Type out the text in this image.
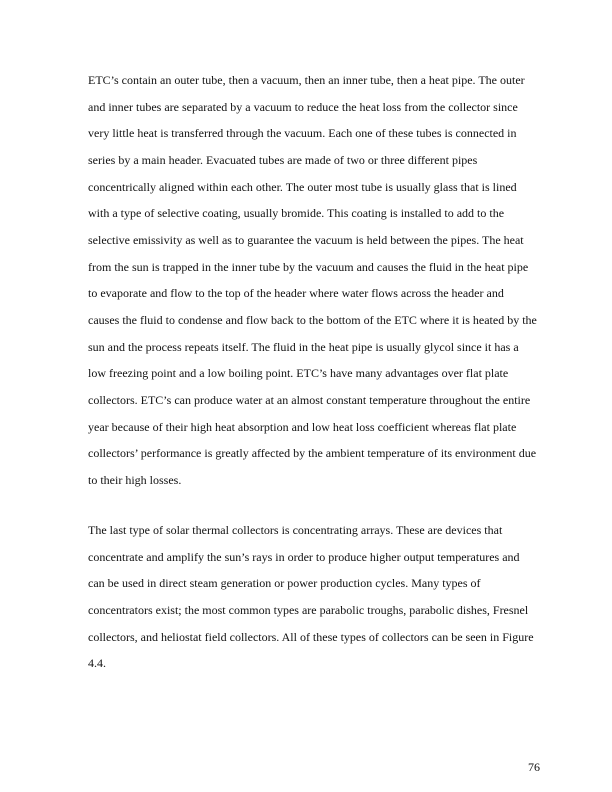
ETC’s contain an outer tube, then a vacuum, then an inner tube, then a heat pipe. The outer
and inner tubes are separated by a vacuum to reduce the heat loss from the collector since
very little heat is transferred through the vacuum. Each one of these tubes is connected in
series by a main header. Evacuated tubes are made of two or three different pipes
concentrically aligned within each other. The outer most tube is usually glass that is lined
with a type of selective coating, usually bromide. This coating is installed to add to the
selective emissivity as well as to guarantee the vacuum is held between the pipes. The heat
from the sun is trapped in the inner tube by the vacuum and causes the fluid in the heat pipe
to evaporate and flow to the top of the header where water flows across the header and
causes the fluid to condense and flow back to the bottom of the ETC where it is heated by the
sun and the process repeats itself. The fluid in the heat pipe is usually glycol since it has a
low freezing point and a low boiling point. ETC’s have many advantages over flat plate
collectors. ETC’s can produce water at an almost constant temperature throughout the entire
year because of their high heat absorption and low heat loss coefficient whereas flat plate
collectors’ performance is greatly affected by the ambient temperature of its environment due
to their high losses.
The last type of solar thermal collectors is concentrating arrays. These are devices that
concentrate and amplify the sun’s rays in order to produce higher output temperatures and
can be used in direct steam generation or power production cycles. Many types of
concentrators exist; the most common types are parabolic troughs, parabolic dishes, Fresnel
collectors, and heliostat field collectors. All of these types of collectors can be seen in Figure
4.4.
76
